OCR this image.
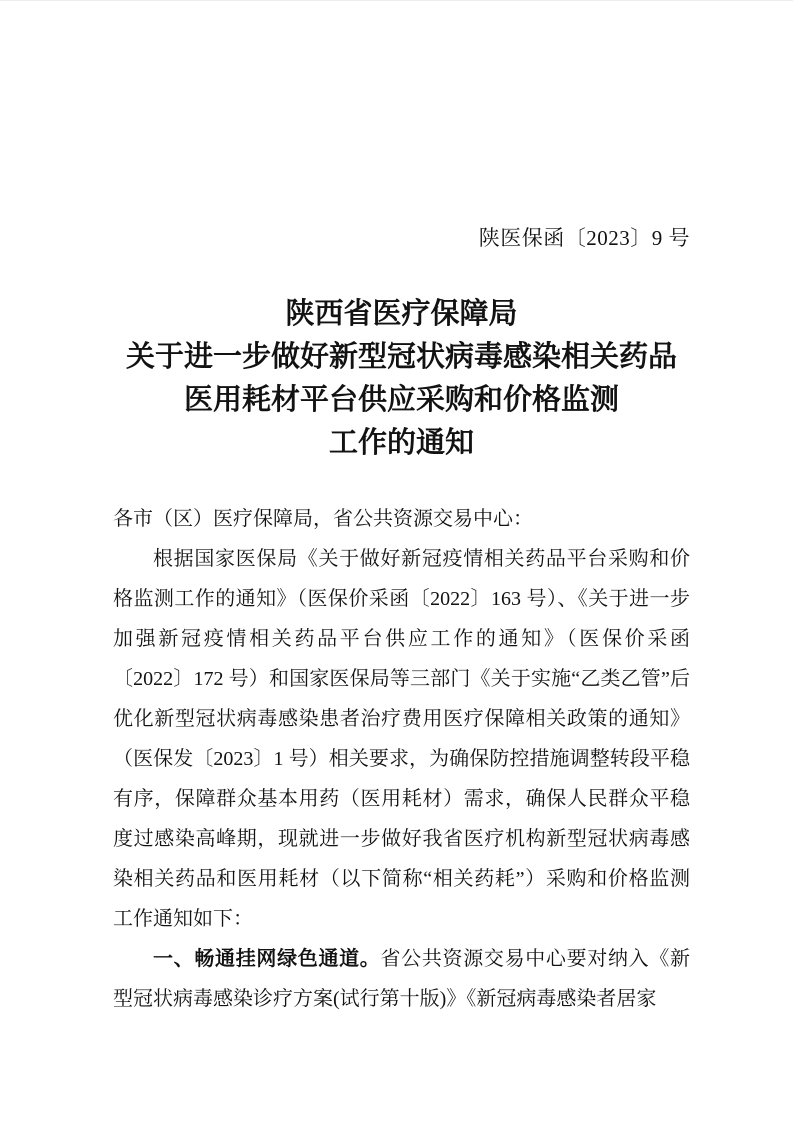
陕医保函〔2023〕9 号
陕西省医疗保障局
关于进一步做好新型冠状病毒感染相关药品
医用耗材平台供应采购和价格监测
工作的通知

各市（区）医疗保障局，省公共资源交易中心：

根据国家医保局《关于做好新冠疫情相关药品平台采购和价格监测工作的通知》（医保价采函〔2022〕163 号）、《关于进一步加强新冠疫情相关药品平台供应工作的通知》（医保价采函〔2022〕172 号）和国家医保局等三部门《关于实施“乙类乙管”后优化新型冠状病毒感染患者治疗费用医疗保障相关政策的通知》（医保发〔2023〕1 号）相关要求，为确保防控措施调整转段平稳有序，保障群众基本用药（医用耗材）需求，确保人民群众平稳度过感染高峰期，现就进一步做好我省医疗机构新型冠状病毒感染相关药品和医用耗材（以下简称“相关药耗”）采购和价格监测工作通知如下：

一、畅通挂网绿色通道。省公共资源交易中心要对纳入《新型冠状病毒感染诊疗方案(试行第十版)》《新冠病毒感染者居家
